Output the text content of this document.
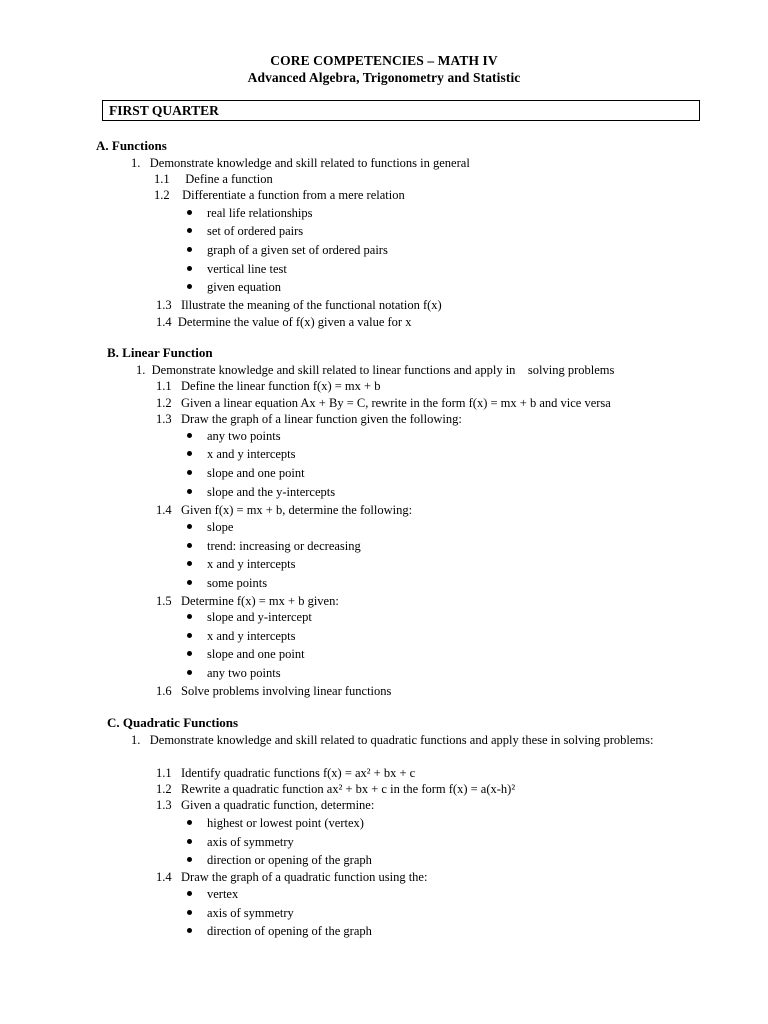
CORE COMPETENCIES – MATH IV
Advanced Algebra, Trigonometry and Statistic
FIRST QUARTER
A. Functions
1.   Demonstrate knowledge and skill related to functions in general
1.1     Define a function
1.2    Differentiate a function from a mere relation
real life relationships
set of ordered pairs
graph of a given set of ordered pairs
vertical line test
given equation
1.3   Illustrate the meaning of the functional notation f(x)
1.4  Determine the value of f(x) given a value for x
B. Linear Function
1.  Demonstrate knowledge and skill related to linear functions and apply in    solving problems
1.1   Define the linear function f(x) = mx + b
1.2   Given a linear equation Ax + By = C, rewrite in the form f(x) = mx + b and vice versa
1.3   Draw the graph of a linear function given the following:
any two points
x and y intercepts
slope and one point
slope and the y-intercepts
1.4   Given f(x) = mx + b, determine the following:
slope
trend: increasing or decreasing
x and y intercepts
some points
1.5   Determine f(x) = mx + b given:
slope and y-intercept
x and y intercepts
slope and one point
any two points
1.6   Solve problems involving linear functions
C. Quadratic Functions
1.   Demonstrate knowledge and skill related to quadratic functions and apply these in solving problems:
1.1   Identify quadratic functions f(x) = ax² + bx + c
1.2   Rewrite a quadratic function ax² + bx + c in the form f(x) = a(x-h)²
1.3   Given a quadratic function, determine:
highest or lowest point (vertex)
axis of symmetry
direction or opening of the graph
1.4   Draw the graph of a quadratic function using the:
vertex
axis of symmetry
direction of opening of the graph
